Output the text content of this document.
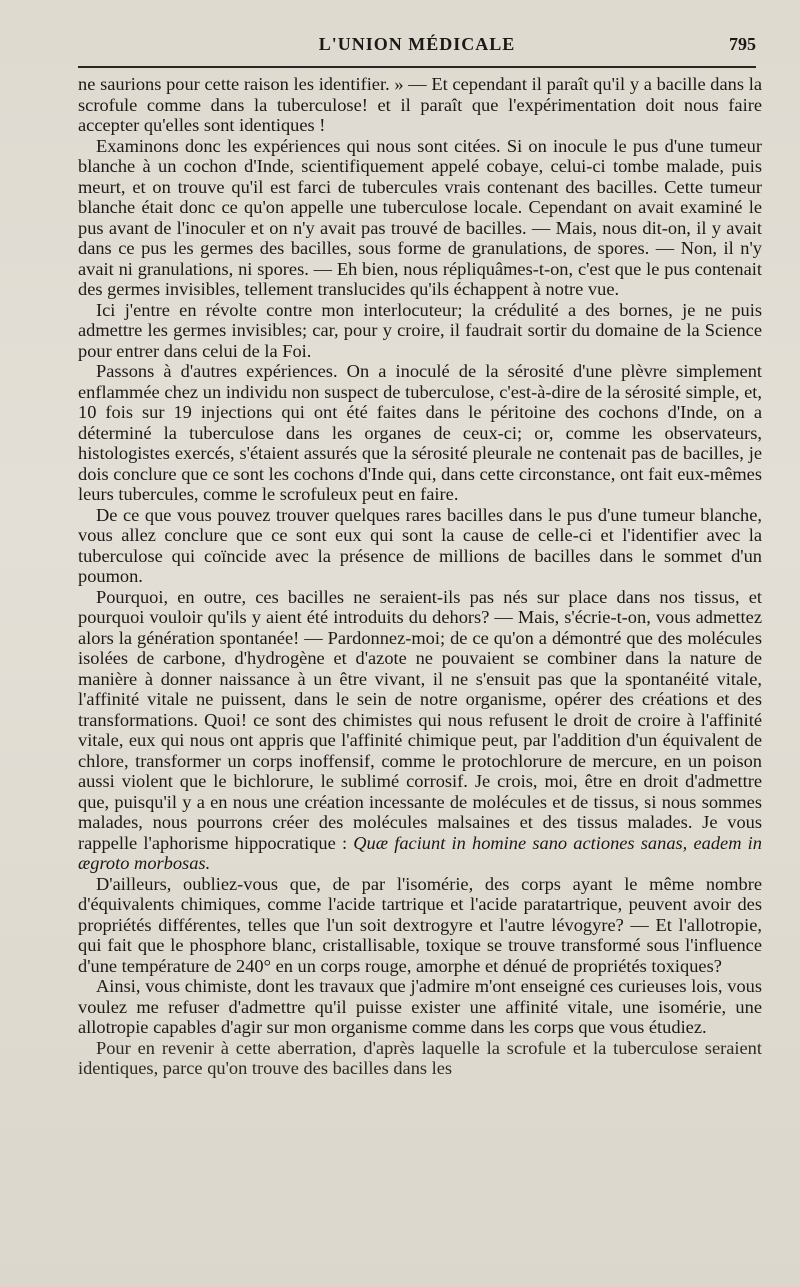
L'UNION MÉDICALE	795

ne saurions pour cette raison les identifier. » — Et cependant il paraît qu'il y a bacille dans la scrofule comme dans la tuberculose! et il paraît que l'expérimentation doit nous faire accepter qu'elles sont identiques !

Examinons donc les expériences qui nous sont citées. Si on inocule le pus d'une tumeur blanche à un cochon d'Inde, scientifiquement appelé cobaye, celui-ci tombe malade, puis meurt, et on trouve qu'il est farci de tubercules vrais contenant des bacilles. Cette tumeur blanche était donc ce qu'on appelle une tuberculose locale. Cependant on avait examiné le pus avant de l'inoculer et on n'y avait pas trouvé de bacilles. — Mais, nous dit-on, il y avait dans ce pus les germes des bacilles, sous forme de granulations, de spores. — Non, il n'y avait ni granulations, ni spores. — Eh bien, nous répliquâmes-t-on, c'est que le pus contenait des germes invisibles, tellement translucides qu'ils échappent à notre vue.

Ici j'entre en révolte contre mon interlocuteur; la crédulité a des bornes, je ne puis admettre les germes invisibles; car, pour y croire, il faudrait sortir du domaine de la Science pour entrer dans celui de la Foi.

Passons à d'autres expériences. On a inoculé de la sérosité d'une plèvre simplement enflammée chez un individu non suspect de tuberculose, c'est-à-dire de la sérosité simple, et, 10 fois sur 19 injections qui ont été faites dans le péritoine des cochons d'Inde, on a déterminé la tuberculose dans les organes de ceux-ci; or, comme les observateurs, histologistes exercés, s'étaient assurés que la sérosité pleurale ne contenait pas de bacilles, je dois conclure que ce sont les cochons d'Inde qui, dans cette circonstance, ont fait eux-mêmes leurs tubercules, comme le scrofuleux peut en faire.

De ce que vous pouvez trouver quelques rares bacilles dans le pus d'une tumeur blanche, vous allez conclure que ce sont eux qui sont la cause de celle-ci et l'identifier avec la tuberculose qui coïncide avec la présence de millions de bacilles dans le sommet d'un poumon.

Pourquoi, en outre, ces bacilles ne seraient-ils pas nés sur place dans nos tissus, et pourquoi vouloir qu'ils y aient été introduits du dehors? — Mais, s'écrie-t-on, vous admettez alors la génération spontanée! — Pardonnez-moi; de ce qu'on a démontré que des molécules isolées de carbone, d'hydrogène et d'azote ne pouvaient se combiner dans la nature de manière à donner naissance à un être vivant, il ne s'ensuit pas que la spontanéité vitale, l'affinité vitale ne puissent, dans le sein de notre organisme, opérer des créations et des transformations. Quoi! ce sont des chimistes qui nous refusent le droit de croire à l'affinité vitale, eux qui nous ont appris que l'affinité chimique peut, par l'addition d'un équivalent de chlore, transformer un corps inoffensif, comme le protochlorure de mercure, en un poison aussi violent que le bichlorure, le sublimé corrosif. Je crois, moi, être en droit d'admettre que, puisqu'il y a en nous une création incessante de molécules et de tissus, si nous sommes malades, nous pourrons créer des molécules malsaines et des tissus malades. Je vous rappelle l'aphorisme hippocratique : Quæ faciunt in homine sano actiones sanas, eadem in ægroto morbosas.

D'ailleurs, oubliez-vous que, de par l'isomérie, des corps ayant le même nombre d'équivalents chimiques, comme l'acide tartrique et l'acide paratartrique, peuvent avoir des propriétés différentes, telles que l'un soit dextrogyre et l'autre lévogyre? — Et l'allotropie, qui fait que le phosphore blanc, cristallisable, toxique se trouve transformé sous l'influence d'une température de 240° en un corps rouge, amorphe et dénué de propriétés toxiques?

Ainsi, vous chimiste, dont les travaux que j'admire m'ont enseigné ces curieuses lois, vous voulez me refuser d'admettre qu'il puisse exister une affinité vitale, une isomérie, une allotropie capables d'agir sur mon organisme comme dans les corps que vous étudiez.

Pour en revenir à cette aberration, d'après laquelle la scrofule et la tuberculose seraient identiques, parce qu'on trouve des bacilles dans les
